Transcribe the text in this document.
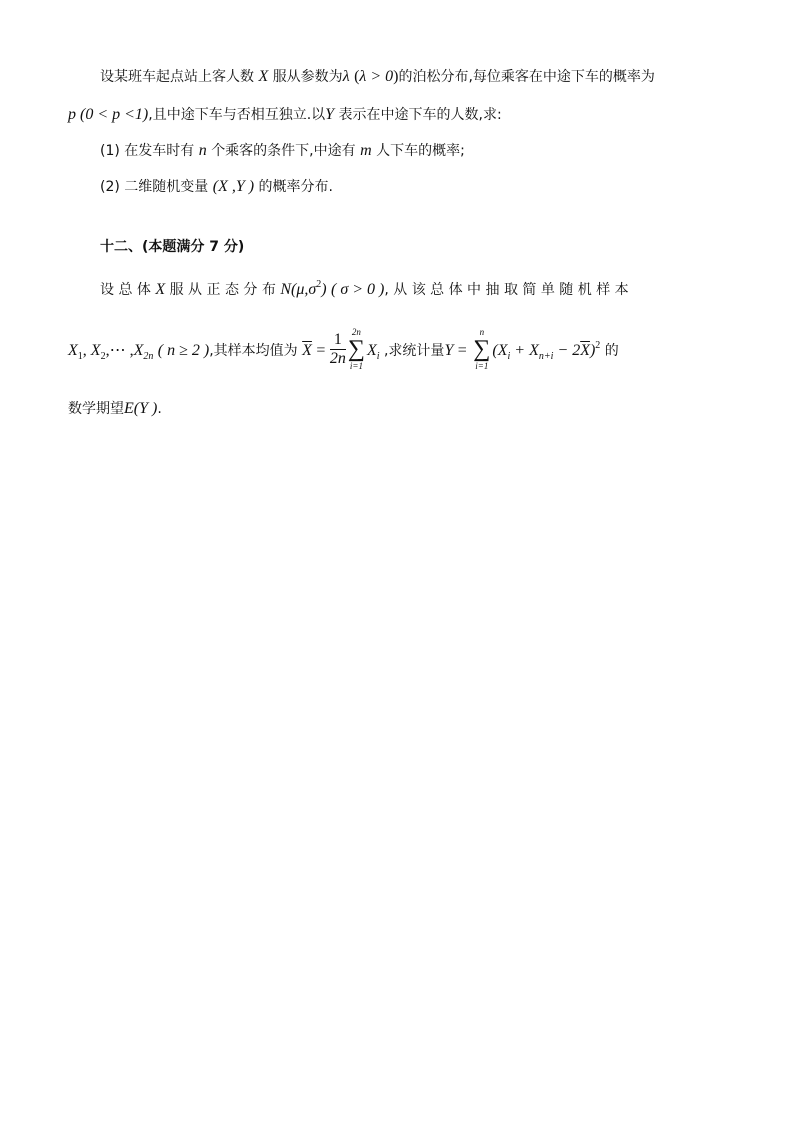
设某班车起点站上客人数 X 服从参数为λ (λ > 0)的泊松分布,每位乘客在中途下车的概率为
p (0 < p <1),且中途下车与否相互独立.以Y 表示在中途下车的人数,求:
(1) 在发车时有 n 个乘客的条件下,中途有 m 人下车的概率;
(2) 二维随机变量 (X ,Y ) 的概率分布.
十二、(本题满分 7 分)
设 总 体 X 服 从 正 态 分 布 $N(\mu,\sigma^2)$ ( σ > 0 ), 从 该 总 体 中 抽 取 简 单 随 机 样 本
$X_1$, $X_2,\cdots$ $,X_{2n}$ ( n ≥ 2 ),其样本均值为 $\overline{X} = \frac{1}{2n} 2n$
∑
i=1
$X_i$ ,求统计量Y =
n
∑
i=1
$(X_i + X_{n+i} - 2\overline{X})^2$ 的
数学期望E(Y ).
